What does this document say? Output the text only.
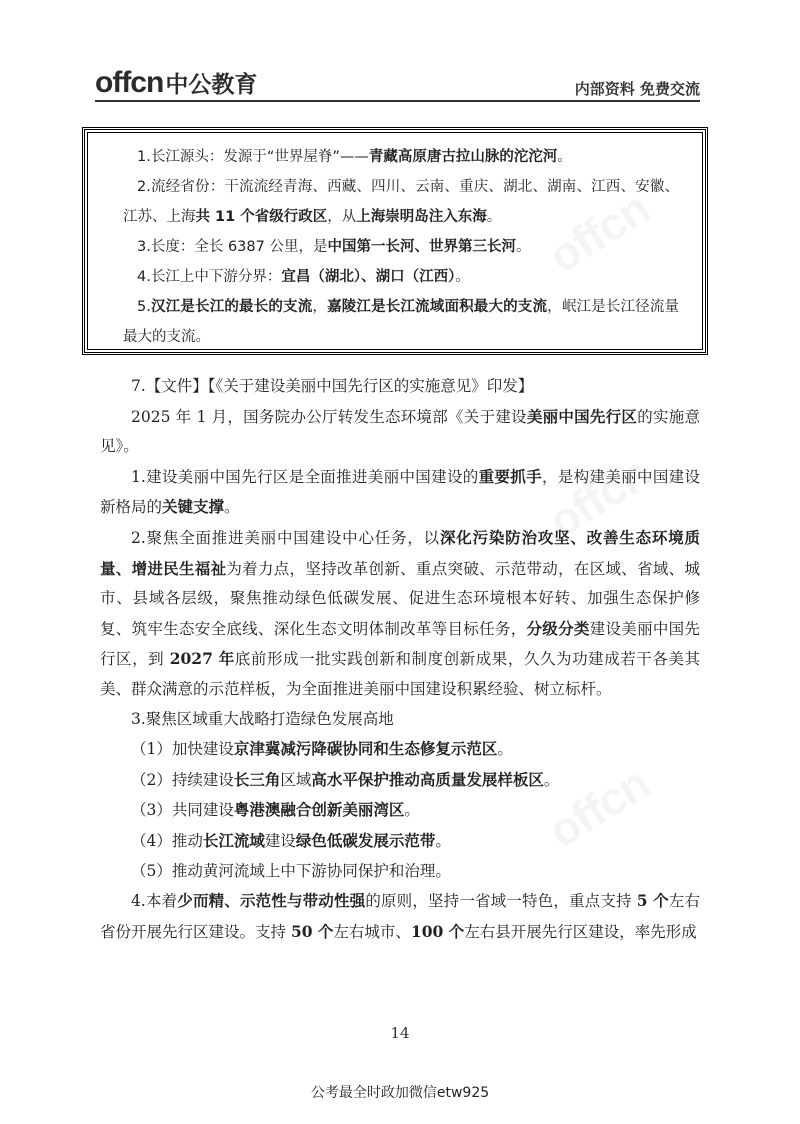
offcn 中公教育	内部资料 免费交流

1.长江源头：发源于“世界屋脊”——青藏高原唐古拉山脉的沱沱河。

2.流经省份：干流流经青海、西藏、四川、云南、重庆、湖北、湖南、江西、安徽、江苏、上海共 11 个省级行政区，从上海崇明岛注入东海。

3.长度：全长 6387 公里，是中国第一长河、世界第三长河。

4.长江上中下游分界：宜昌（湖北）、湖口（江西）。

5.汉江是长江的最长的支流，嘉陵江是长江流域面积最大的支流，岷江是长江径流量最大的支流。

7.【文件】【《关于建设美丽中国先行区的实施意见》印发】

2025 年 1 月，国务院办公厅转发生态环境部《关于建设美丽中国先行区的实施意见》。

1.建设美丽中国先行区是全面推进美丽中国建设的重要抓手，是构建美丽中国建设新格局的关键支撑。

2.聚焦全面推进美丽中国建设中心任务，以深化污染防治攻坚、改善生态环境质量、增进民生福祉为着力点，坚持改革创新、重点突破、示范带动，在区域、省域、城市、县域各层级，聚焦推动绿色低碳发展、促进生态环境根本好转、加强生态保护修复、筑牢生态安全底线、深化生态文明体制改革等目标任务，分级分类建设美丽中国先行区，到 2027 年底前形成一批实践创新和制度创新成果，久久为功建成若干各美其美、群众满意的示范样板，为全面推进美丽中国建设积累经验、树立标杆。

3.聚焦区域重大战略打造绿色发展高地

（1）加快建设京津冀减污降碳协同和生态修复示范区。

（2）持续建设长三角区域高水平保护推动高质量发展样板区。

（3）共同建设粤港澳融合创新美丽湾区。

（4）推动长江流域建设绿色低碳发展示范带。

（5）推动黄河流域上中下游协同保护和治理。

4.本着少而精、示范性与带动性强的原则，坚持一省域一特色，重点支持 5 个左右省份开展先行区建设。支持 50 个左右城市、100 个左右县开展先行区建设，率先形成

14
公考最全时政加微信etw925
